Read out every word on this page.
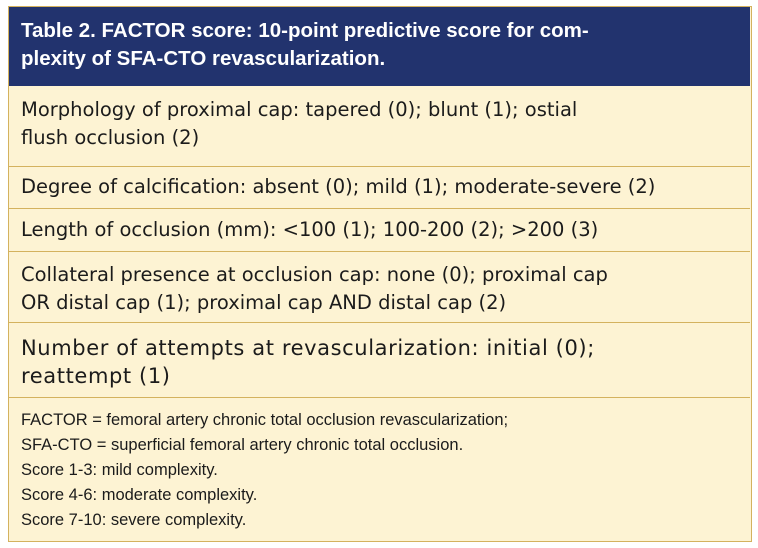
Table 2. FACTOR score: 10-point predictive score for com-
plexity of SFA-CTO revascularization.
Morphology of proximal cap: tapered (0); blunt (1); ostial
flush occlusion (2)
Degree of calcification: absent (0); mild (1); moderate-severe (2)
Length of occlusion (mm): <100 (1); 100-200 (2); >200 (3)
Collateral presence at occlusion cap: none (0); proximal cap
OR distal cap (1); proximal cap AND distal cap (2)
Number of attempts at revascularization: initial (0);
reattempt (1)
FACTOR = femoral artery chronic total occlusion revascularization;
SFA-CTO = superficial femoral artery chronic total occlusion.
Score 1-3: mild complexity.
Score 4-6: moderate complexity.
Score 7-10: severe complexity.
